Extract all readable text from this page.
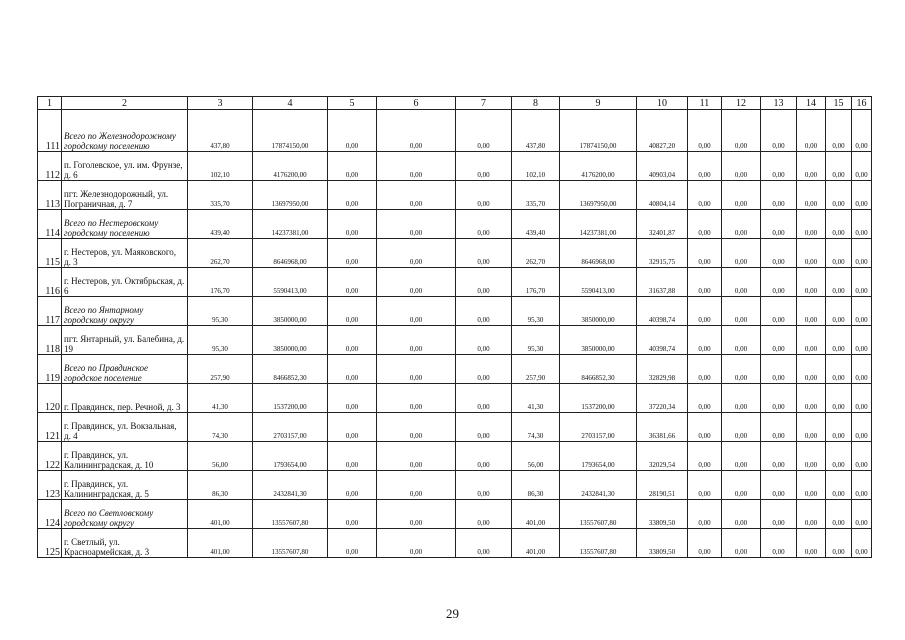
1	2	3	4	5	6	7	8	9	10	11	12	13	14	15	16
111	Всего по Железнодорожному городскому поселению	437,80	17874150,00	0,00	0,00	0,00	437,80	17874150,00	40827,20	0,00	0,00	0,00	0,00	0,00	0,00
112	п. Гоголевское, ул. им. Фрунзе, д. 6	102,10	4176200,00	0,00	0,00	0,00	102,10	4176200,00	40903,04	0,00	0,00	0,00	0,00	0,00	0,00
113	пгт. Железнодорожный, ул. Пограничная, д. 7	335,70	13697950,00	0,00	0,00	0,00	335,70	13697950,00	40804,14	0,00	0,00	0,00	0,00	0,00	0,00
114	Всего по Нестеровскому городскому поселению	439,40	14237381,00	0,00	0,00	0,00	439,40	14237381,00	32401,87	0,00	0,00	0,00	0,00	0,00	0,00
115	г. Нестеров, ул. Маяковского, д. 3	262,70	8646968,00	0,00	0,00	0,00	262,70	8646968,00	32915,75	0,00	0,00	0,00	0,00	0,00	0,00
116	г. Нестеров, ул. Октябрьская, д. 6	176,70	5590413,00	0,00	0,00	0,00	176,70	5590413,00	31637,88	0,00	0,00	0,00	0,00	0,00	0,00
117	Всего по Янтарному городскому округу	95,30	3850000,00	0,00	0,00	0,00	95,30	3850000,00	40398,74	0,00	0,00	0,00	0,00	0,00	0,00
118	пгт. Янтарный, ул. Балебина, д. 19	95,30	3850000,00	0,00	0,00	0,00	95,30	3850000,00	40398,74	0,00	0,00	0,00	0,00	0,00	0,00
119	Всего по Правдинское городское поселение	257,90	8466852,30	0,00	0,00	0,00	257,90	8466852,30	32829,98	0,00	0,00	0,00	0,00	0,00	0,00
120	г. Правдинск, пер. Речной, д. 3	41,30	1537200,00	0,00	0,00	0,00	41,30	1537200,00	37220,34	0,00	0,00	0,00	0,00	0,00	0,00
121	г. Правдинск, ул. Вокзальная, д. 4	74,30	2703157,00	0,00	0,00	0,00	74,30	2703157,00	36381,66	0,00	0,00	0,00	0,00	0,00	0,00
122	г. Правдинск, ул. Калининградская, д. 10	56,00	1793654,00	0,00	0,00	0,00	56,00	1793654,00	32029,54	0,00	0,00	0,00	0,00	0,00	0,00
123	г. Правдинск, ул. Калининградская, д. 5	86,30	2432841,30	0,00	0,00	0,00	86,30	2432841,30	28190,51	0,00	0,00	0,00	0,00	0,00	0,00
124	Всего по Светловскому городскому округу	401,00	13557607,80	0,00	0,00	0,00	401,00	13557607,80	33809,50	0,00	0,00	0,00	0,00	0,00	0,00
125	г. Светлый, ул. Красноармейская, д. 3	401,00	13557607,80	0,00	0,00	0,00	401,00	13557607,80	33809,50	0,00	0,00	0,00	0,00	0,00	0,00
29
